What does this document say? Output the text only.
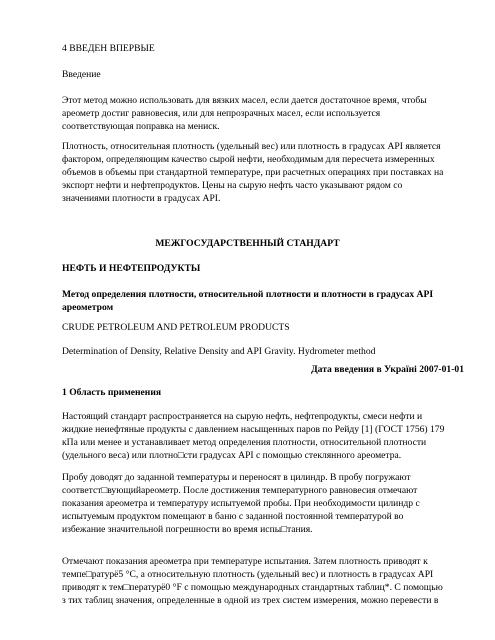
4 ВВЕДЕН ВПЕРВЫЕ

Введение

Этот метод можно использовать для вязких масел, если дается достаточное время, чтобы
ареометр достиг равновесия, или для непрозрачных масел, если используется
соответствующая поправка на мениск.

Плотность, относительная плотность (удельный вес) или плотность в градусах API является
фактором, определяющим качество сырой нефти, необходимым для пересчета измеренных
объемов в объемы при стандартной температуре, при расчетных операциях при поставках на
экспорт нефти и нефтепродуктов. Цены на сырую нефть часто указывают рядом со
значениями плотности в градусах API.

МЕЖГОСУДАРСТВЕННЫЙ СТАНДАРТ

НЕФТЬ И НЕФТЕПРОДУКТЫ

Метод определения плотности, относительной плотности и плотности в градусах API
ареометром

CRUDE PETROLEUM AND PETROLEUM PRODUCTS

Determination of Density, Relative Density and API Gravity. Hydrometer method

Дата введения в Україні 2007-01-01

1 Область применения

Настоящий стандарт распространяется на сырую нефть, нефтепродукты, смеси нефти и
жидкие неиефтяные продукты с давлением насыщенных паров по Рейду [1] (ГОСТ 1756) 179
кПа или менее и устанавливает метод определения плотности, относительной плотности
(удельного веса) или плотно□сти градусах API с помощью стеклянного ареометра.

Пробу доводят до заданной температуры и переносят в цилиндр. В пробу погружают
соответст□вующийареометр. После достижения температурного равновесия отмечают
показания ареометра и температуру испытуемой пробы. При необходимости цилиндр с
испытуемым продуктом помещают в баню с заданной постоянной температурой во
избежание значительной погрешности во время испы□тания.

Отмечают показания ареометра при температуре испытания. Затем плотность приводят к
темпе□ратурё5 °С, а относительную плотность (удельный вес) и плотность в градусах API
приводят к тем□пературё0 °F с помощью международных стандартных таблиц*. С помощью
з тих таблиц значения, определенные в одной из трех систем измерения, можно перевести в
